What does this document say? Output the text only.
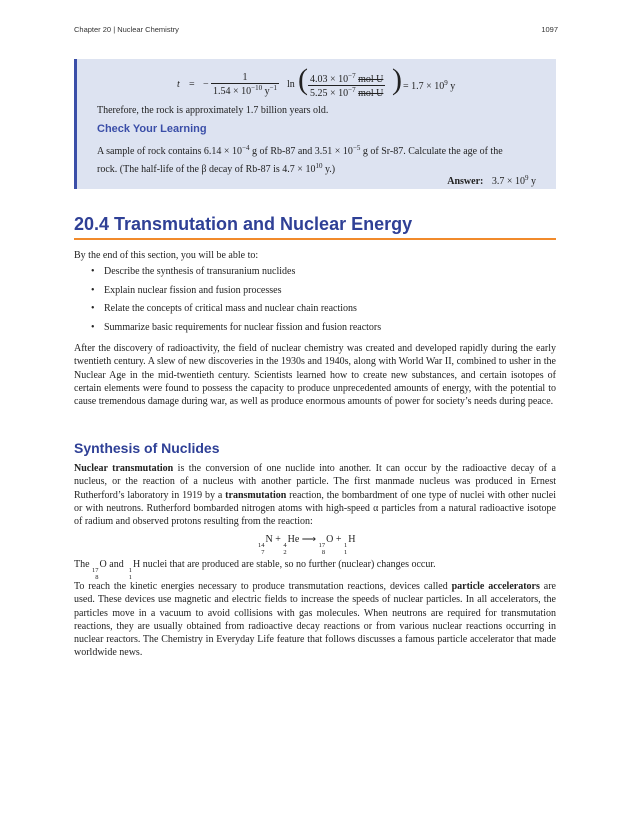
Chapter 20 | Nuclear Chemistry	1097
t = − $\frac{1}{1.54 \times 10^{-10} y^{-1}}$ ln ( $4.03 \times 10^{-7}$ mol U
$5.25 \times 10^{-7}$ mol U ) = $1.7 \times 10^9$ y

Therefore, the rock is approximately 1.7 billion years old.

Check Your Learning

A sample of rock contains $6.14 \times 10^{-4}$ g of Rb-87 and $3.51 \times 10^{-5}$ g of Sr-87. Calculate the age of the
rock. (The half-life of the β decay of Rb-87 is $4.7 \times 10^{10}$ y.)

Answer: $3.7 \times 10^9$ y
20.4 Transmutation and Nuclear Energy

By the end of this section, you will be able to:

• Describe the synthesis of transuranium nuclides
• Explain nuclear fission and fusion processes
• Relate the concepts of critical mass and nuclear chain reactions
• Summarize basic requirements for nuclear fission and fusion reactors

After the discovery of radioactivity, the field of nuclear chemistry was created and developed rapidly during the early twentieth century. A slew of new discoveries in the 1930s and 1940s, along with World War II, combined to usher in the Nuclear Age in the mid-twentieth century. Scientists learned how to create new substances, and certain isotopes of certain elements were found to possess the capacity to produce unprecedented amounts of energy, with the potential to cause tremendous damage during war, as well as produce enormous amounts of power for society’s needs during peace.

Synthesis of Nuclides

Nuclear transmutation is the conversion of one nuclide into another. It can occur by the radioactive decay of a nucleus, or the reaction of a nucleus with another particle. The first manmade nucleus was produced in Ernest Rutherford’s laboratory in 1919 by a transmutation reaction, the bombardment of one type of nuclei with other nuclei or with neutrons. Rutherford bombarded nitrogen atoms with high-speed α particles from a natural radioactive isotope of radium and observed protons resulting from the reaction:

14
7
N +
4
2
He ⟶
17
8
O +
1
1
H

The
17
8
O and
1
1
H nuclei that are produced are stable, so no further (nuclear) changes occur.

To reach the kinetic energies necessary to produce transmutation reactions, devices called particle accelerators are used. These devices use magnetic and electric fields to increase the speeds of nuclear particles. In all accelerators, the particles move in a vacuum to avoid collisions with gas molecules. When neutrons are required for transmutation reactions, they are usually obtained from radioactive decay reactions or from various nuclear reactions occurring in nuclear reactors. The Chemistry in Everyday Life feature that follows discusses a famous particle accelerator that made worldwide news.
